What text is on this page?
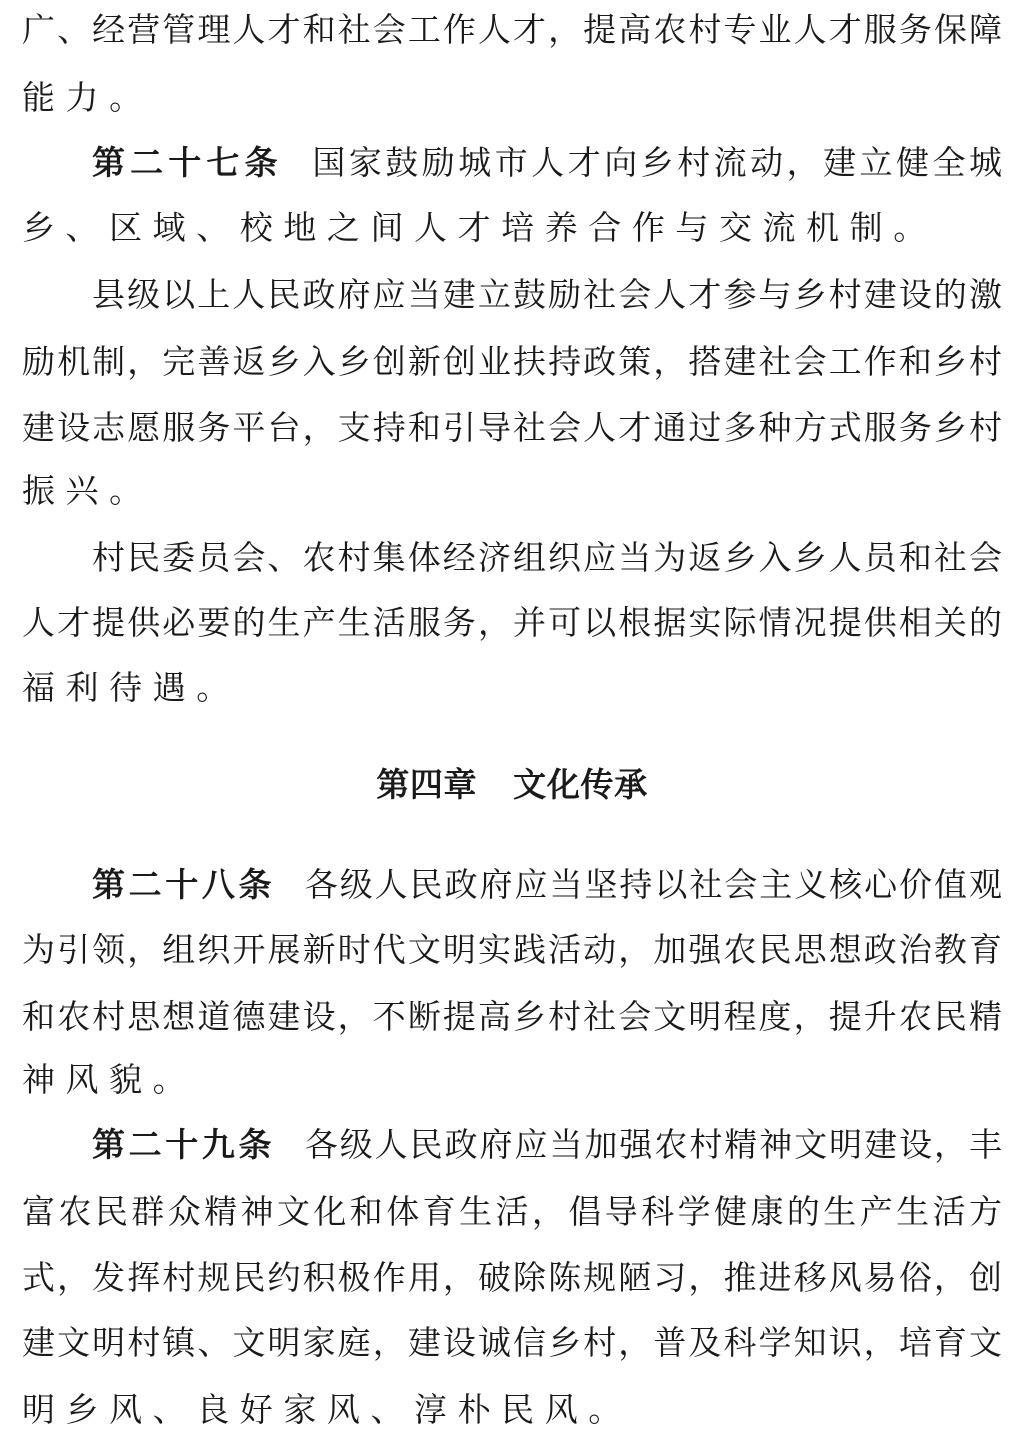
广、经营管理人才和社会工作人才，提高农村专业人才服务保障
能力。
第二十七条 国家鼓励城市人才向乡村流动，建立健全城
乡、区域、校地之间人才培养合作与交流机制。
县级以上人民政府应当建立鼓励社会人才参与乡村建设的激
励机制，完善返乡入乡创新创业扶持政策，搭建社会工作和乡村
建设志愿服务平台，支持和引导社会人才通过多种方式服务乡村
振兴。
村民委员会、农村集体经济组织应当为返乡入乡人员和社会
人才提供必要的生产生活服务，并可以根据实际情况提供相关的
福利待遇。
第四章 文化传承
第二十八条 各级人民政府应当坚持以社会主义核心价值观
为引领，组织开展新时代文明实践活动，加强农民思想政治教育
和农村思想道德建设，不断提高乡村社会文明程度，提升农民精
神风貌。
第二十九条 各级人民政府应当加强农村精神文明建设，丰
富农民群众精神文化和体育生活，倡导科学健康的生产生活方
式，发挥村规民约积极作用，破除陈规陋习，推进移风易俗，创
建文明村镇、文明家庭，建设诚信乡村，普及科学知识，培育文
明乡风、良好家风、淳朴民风。
